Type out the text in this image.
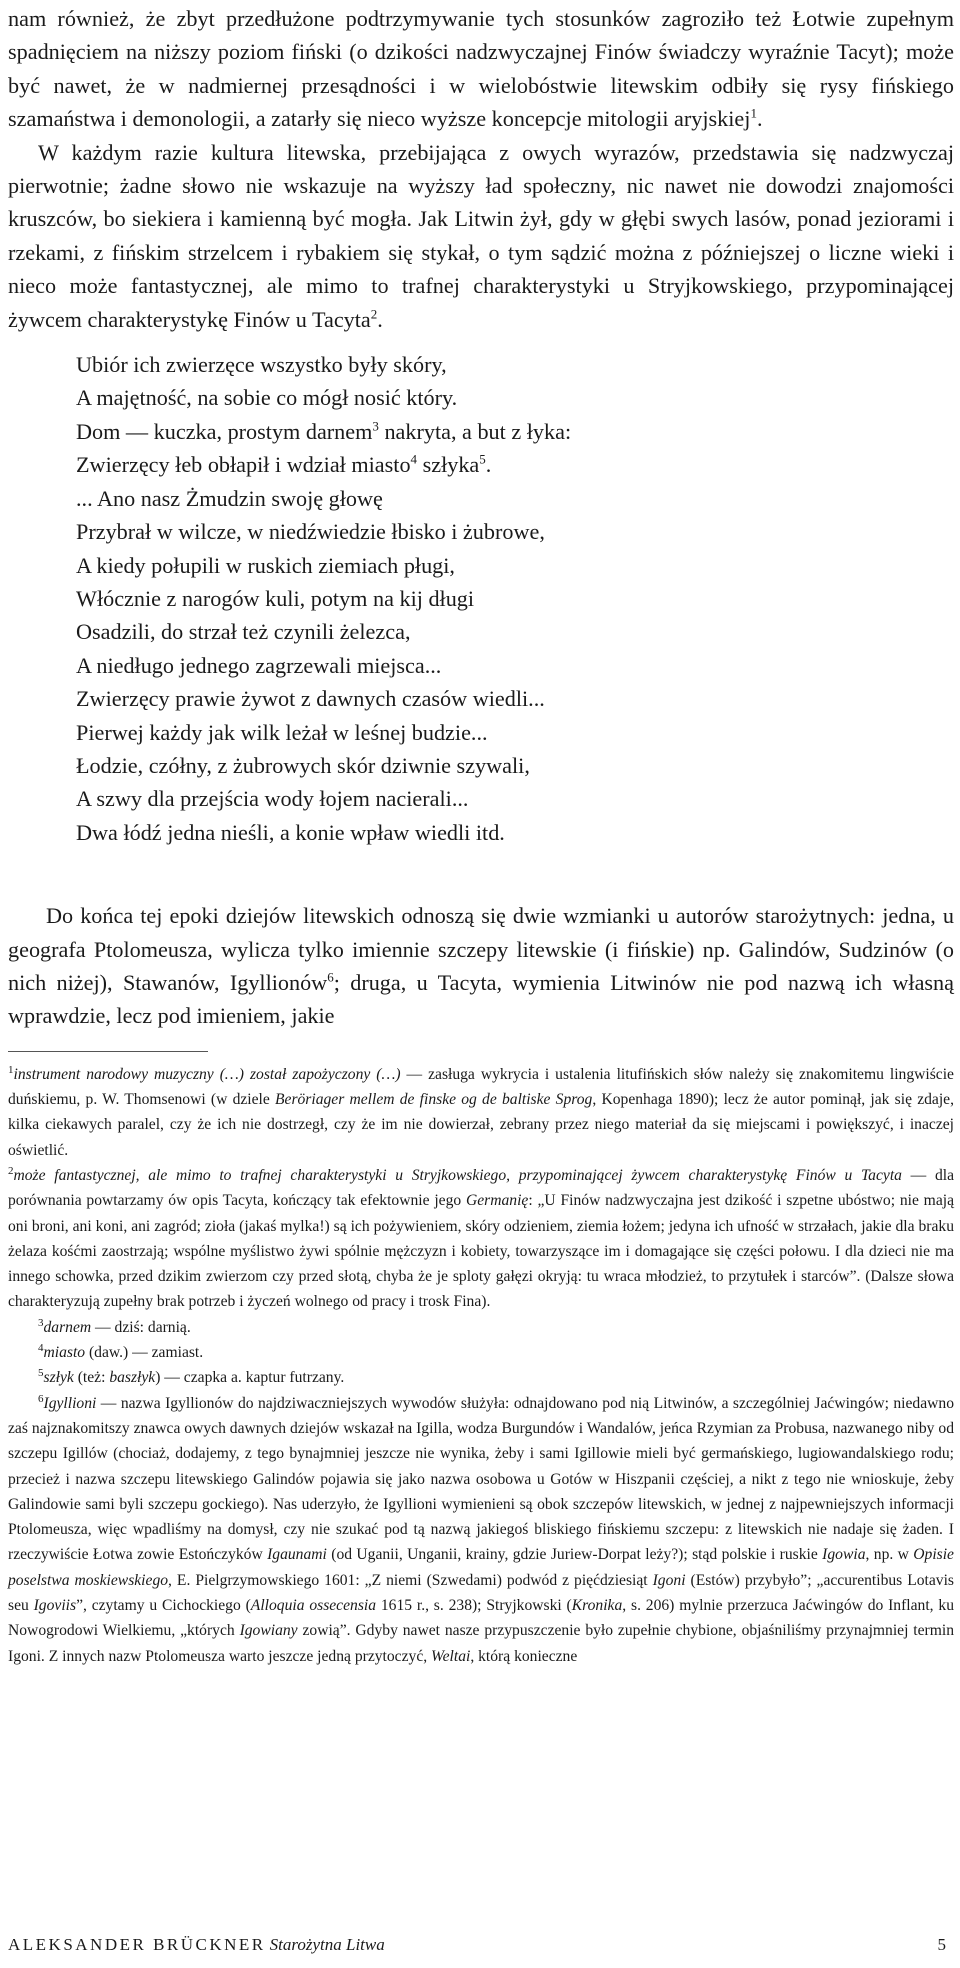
nam również, że zbyt przedłużone podtrzymywanie tych stosunków zagroziło też Łotwie zupełnym spadnięciem na niższy poziom fiński (o dzikości nadzwyczajnej Finów świadczy wyraźnie Tacyt); może być nawet, że w nadmiernej przesądności i w wielobóstwie litewskim odbiły się rysy fińskiego szamaństwa i demonologii, a zatarły się nieco wyższe koncepcje mitologii aryjskiej$^1$.

W każdym razie kultura litewska, przebijająca z owych wyrazów, przedstawia się nadzwyczaj pierwotnie; żadne słowo nie wskazuje na wyższy ład społeczny, nic nawet nie dowodzi znajomości kruszców, bo siekiera i kamienną być mogła. Jak Litwin żył, gdy w głębi swych lasów, ponad jeziorami i rzekami, z fińskim strzelcem i rybakiem się stykał, o tym sądzić można z późniejszej o liczne wieki i nieco może fantastycznej, ale mimo to trafnej charakterystyki u Stryjkowskiego, przypominającej żywcem charakterystykę Finów u Tacyta$^2$.

Ubiór ich zwierzęce wszystko były skóry,
A majętność, na sobie co mógł nosić który.
Dom — kuczka, prostym darnem$^3$ nakryta, a but z łyka:
Zwierzęcy łeb obłapił i wdział miasto$^4$ szłyka$^5$.
... Ano nasz Żmudzin swoję głowę
Przybrał w wilcze, w niedźwiedzie łbisko i żubrowe,
A kiedy połupili w ruskich ziemiach pługi,
Włócznie z narogów kuli, potym na kij długi
Osadzili, do strzał też czynili żelezca,
A niedługo jednego zagrzewali miejsca...
Zwierzęcy prawie żywot z dawnych czasów wiedli...
Pierwej każdy jak wilk leżał w leśnej budzie...
Łodzie, czółny, z żubrowych skór dziwnie szywali,
A szwy dla przejścia wody łojem nacierali...
Dwa łódź jedna nieśli, a konie wpław wiedli itd.

Do końca tej epoki dziejów litewskich odnoszą się dwie wzmianki u autorów starożytnych: jedna, u geografa Ptolomeusza, wylicza tylko imiennie szczepy litewskie (i fińskie) np. Galindów, Sudzinów (o nich niżej), Stawanów, Igyllionów$^6$; druga, u Tacyta, wymienia Litwinów nie pod nazwą ich własną wprawdzie, lecz pod imieniem, jakie

$^1$instrument narodowy muzyczny (…) został zapożyczony (…) — zasługa wykrycia i ustalenia litufińskich słów należy się znakomitemu lingwiście duńskiemu, p. W. Thomsenowi (w dziele Beröriager mellem de finske og de baltiske Sprog, Kopenhaga 1890); lecz że autor pominął, jak się zdaje, kilka ciekawych paralel, czy że ich nie dostrzegł, czy że im nie dowierzał, zebrany przez niego materiał da się miejscami i powiększyć, i inaczej oświetlić.

$^2$może fantastycznej, ale mimo to trafnej charakterystyki u Stryjkowskiego, przypominającej żywcem charakterystykę Finów u Tacyta — dla porównania powtarzamy ów opis Tacyta, kończący tak efektownie jego Germanię: „U Finów nadzwyczajna jest dzikość i szpetne ubóstwo; nie mają oni broni, ani koni, ani zagród; zioła (jakaś mylka!) są ich pożywieniem, skóry odzieniem, ziemia łożem; jedyna ich ufność w strzałach, jakie dla braku żelaza kośćmi zaostrzają; wspólne myślistwo żywi spólnie mężczyzn i kobiety, towarzyszące im i domagające się części połowu. I dla dzieci nie ma innego schowka, przed dzikim zwierzom czy przed słotą, chyba że je sploty gałęzi okryją: tu wraca młodzież, to przytułek i starców”. (Dalsze słowa charakteryzują zupełny brak potrzeb i życzeń wolnego od pracy i trosk Fina).

$^3$darnem — dziś: darnią.

$^4$miasto (daw.) — zamiast.

$^5$szłyk (też: baszłyk) — czapka a. kaptur futrzany.

$^6$Igyllioni — nazwa Igyllionów do najdziwaczniejszych wywodów służyła: odnajdowano pod nią Litwinów, a szczególniej Jaćwingów; niedawno zaś najznakomitszy znawca owych dawnych dziejów wskazał na Igilla, wodza Burgundów i Wandalów, jeńca Rzymian za Probusa, nazwanego niby od szczepu Igillów (chociaż, dodajemy, z tego bynajmniej jeszcze nie wynika, żeby i sami Igillowie mieli być germańskiego, lugiowandalskiego rodu; przecież i nazwa szczepu litewskiego Galindów pojawia się jako nazwa osobowa u Gotów w Hiszpanii częściej, a nikt z tego nie wnioskuje, żeby Galindowie sami byli szczepu gockiego). Nas uderzyło, że Igyllioni wymienieni są obok szczepów litewskich, w jednej z najpewniejszych informacji Ptolomeusza, więc wpadliśmy na domysł, czy nie szukać pod tą nazwą jakiegoś bliskiego fińskiemu szczepu: z litewskich nie nadaje się żaden. I rzeczywiście Łotwa zowie Estończyków Igaunami (od Uganii, Unganii, krainy, gdzie Juriew-Dorpat leży?); stąd polskie i ruskie Igowia, np. w Opisie poselstwa moskiewskiego, E. Pielgrzymowskiego 1601: „Z niemi (Szwedami) podwód z pięćdziesiąt Igoni (Estów) przybyło”; „accurentibus Lotavis seu Igoviis”, czytamy u Cichockiego (Alloquia ossecensia 1615 r., s. 238); Stryjkowski (Kronika, s. 206) mylnie przerzuca Jaćwingów do Inflant, ku Nowogrodowi Wielkiemu, „których Igowiany zowią”. Gdyby nawet nasze przypuszczenie było zupełnie chybione, objaśniliśmy przynajmniej termin Igoni. Z innych nazw Ptolomeusza warto jeszcze jedną przytoczyć, Weltai, którą konieczne

ALEKSANDER BRÜCKNER Starożytna Litwa	5
